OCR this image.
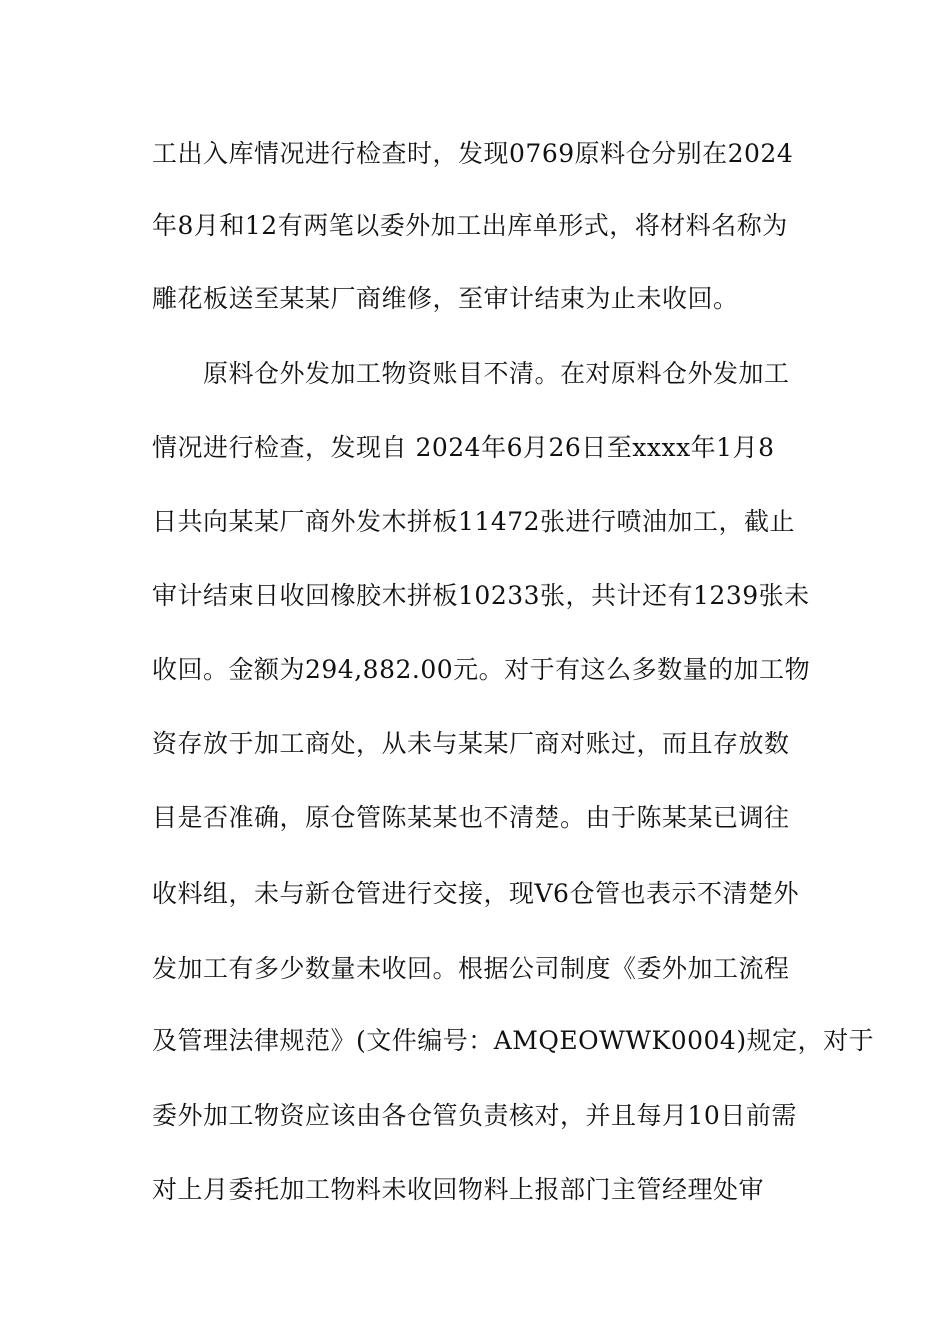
工出入库情况进行检查时，发现0769原料仓分别在2024
年8月和12有两笔以委外加工出库单形式，将材料名称为
雕花板送至某某厂商维修，至审计结束为止未收回。
原料仓外发加工物资账目不清。在对原料仓外发加工
情况进行检查，发现自 2024年6月26日至xxxx年1月8
日共向某某厂商外发木拼板11472张进行喷油加工，截止
审计结束日收回橡胶木拼板10233张，共计还有1239张未
收回。金额为294,882.00元。对于有这么多数量的加工物
资存放于加工商处，从未与某某厂商对账过，而且存放数
目是否准确，原仓管陈某某也不清楚。由于陈某某已调往
收料组，未与新仓管进行交接，现V6仓管也表示不清楚外
发加工有多少数量未收回。根据公司制度《委外加工流程
及管理法律规范》(文件编号：AMQEOWWK0004)规定，对于
委外加工物资应该由各仓管负责核对，并且每月10日前需
对上月委托加工物料未收回物料上报部门主管经理处审
